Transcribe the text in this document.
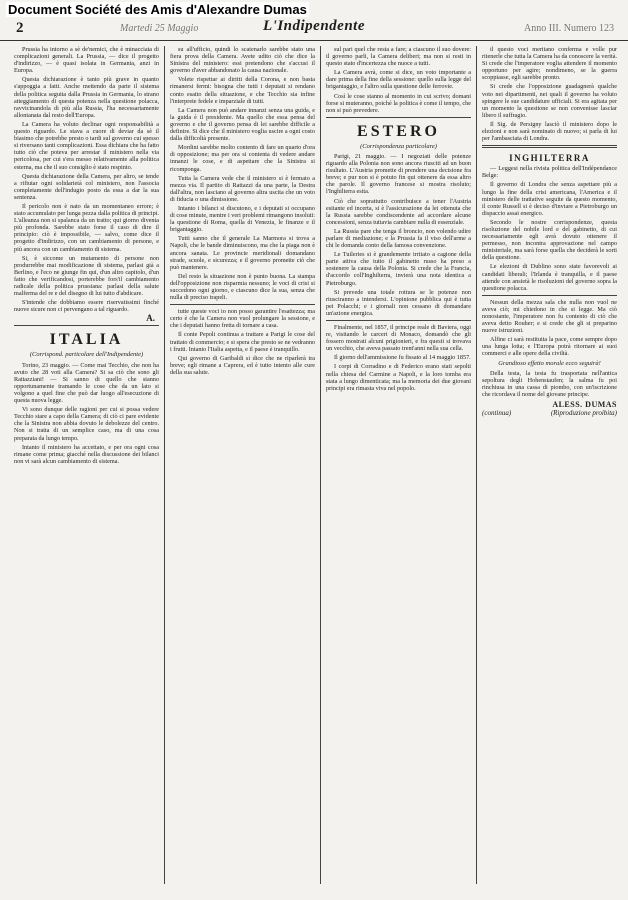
Document Société des Amis d'Alexandre Dumas
2	Martedi 25 Maggio	L'Indipendente	Anno III. Numero 123

Prussia ha intorno a sè de'nemici, che è minacciata di complicazioni generali. La Prussia, — dice il progetto d'indirizzo, — è quasi isolata in Germania, anzi in Europa.

Questa dichiarazione è tanto più grave in quanto s'appoggia a fatti. Anche mettendo da parte il sistema della politica seguita dalla Prussia in Germania, lo strano atteggiamento di questa potenza nella questione polacca, ravvicinandola di più alla Russia, l'ha necessariamente allontanata dal resto dell'Europa.

La Camera ha voluto declinar ogni responsabilità a questo riguardo. Le stava a cuore di deviar da sè il biasimo che potrebbe presto o tardi sul governo cui spesso si riversano tanti complicazioni. Essa dichiara che ha fatto tutto ciò che poteva per arrestar il ministero nella via pericolosa, per cui s'era messo relativamente alla politica esterna, ma che il suo consiglio è stato respinto.

Questa dichiarazione della Camera, per altro, se tende a rifiutar ogni solidarietà col ministero, non l'associa completamente dell'indugio posto da essa a dar la sua sentenza.

Il pericolo non è nato da un momentaneo errore; è stato accumulato per lunga pezza dalla politica di principi. L'alleanza non si spalanca da un tratto; qui giorno diventa più profonda. Sarebbe stato forse il caso di dire il principio: ciò è impossibile, — salvo, come dice il progetto d'indirizzo, con un cambiamento di persone, e più ancora con un cambiamento di sistema.

Si, è siccome un mutamento di persone non produrrebbe mai modificazione di sistema, parlasi già a Berlino, e l'eco ne giunge fin qui, d'un altro capitolo, d'un fatto che verificandosi, porterebbe fors'il cambiamento radicale della politica prussiana: parlasi della salute malferma del re e del disegno di lui tutto d'abdicare.

S'intende che dobbiamo essere riservatissimi finché nuove sicure non ci pervengano a tal riguardo.

A.
ITALIA
(Corrispond. particolare dell'Indipendente)

Torino, 23 maggio. — Come mai Tecchio, che non ha avuto che 28 voti alla Camera? Si sa ciò che sono gli Rattazziani! — Si sanno di quello che stanno opportunamente tramando le cose che da un lato si volgono a quel fine che può dar luogo all'esecuzione di questa nuova legge.

Vi sono dunque delle ragioni per cui si possa vedere Tecchio stare a capo della Camera; di ciò ci pare evidente che la Sinistra non abbia dovuto le debolezze del centro. Non si tratta di un semplice caso, ma di una cosa preparata da lungo tempo.

Intanto il ministero ha accettato, e per ora ogni cosa rimane come prima; giacché nella discussione dei bilanci non vi sarà alcun cambiamento di sistema.

su all'ufficio, quindi lo scatenarlo sarebbe stato una fiera prova della Camera. Avete udito ciò che dice la Sinistra del ministero: essi pretendono che s'accusi il governo d'aver abbandonato la causa nazionale.

Volete rispettar ai diritti della Corona, e non basta rimanersi fermi: bisogna che tutti i deputati si rendano conto esatto della situazione, e che Tecchio sia infine l'interprete fedele e imparziale di tutti.

La Camera non può andare innanzi senza una guida, e la guida è il presidente. Ma quello che essa pensa del governo e che il governo pensa di lei sarebbe difficile a definire. Si dice che il ministero voglia uscire a ogni costo dalla difficoltà presente.

Mordini sarebbe molto contento di fare un quarto d'ora di opposizione; ma per ora si contenta di vedere andare innanzi le cose, e di aspettare che la Sinistra si ricomponga.

Tutta la Camera vede che il ministero si è fermato a mezza via. Il partito di Rattazzi da una parte, la Destra dall'altra, non lasciano al governo altra uscita che un voto di fiducia o una dimissione.

Intanto i bilanci si discutono, e i deputati si occupano di cose minute, mentre i veri problemi rimangono insoluti: la questione di Roma, quella di Venezia, le finanze e il brigantaggio.

Tutti sanno che il generale La Marmora si trova a Napoli, che le bande diminuiscono, ma che la piaga non è ancora sanata. Le provincie meridionali domandano strade, scuole, e sicurezza; e il governo promette ciò che può mantenere.

Del resto la situazione non è punto buona. La stampa dell'opposizione non risparmia nessuno; le voci di crisi si succedono ogni giorno, e ciascuno dice la sua, senza che nulla di preciso trapeli.

tutte queste voci io non posso garantire l'esattezza; ma certo è che la Camera non vuol prolungare la sessione, e che i deputati hanno fretta di tornare a casa.

Il conte Pepoli continua a trattare a Parigi le cose del trattato di commercio; e si spera che presto se ne vedranno i frutti. Intanto l'Italia aspetta, e il paese è tranquillo.

Qui governo di Garibaldi si dice che ne riparlerà tra breve; egli rimane a Caprera, ed è tutto intento alle cure della sua salute.

sul pari quel che resta a fare; a ciascuno il suo dovere: il governo parli, la Camera deliberi; ma non si resti in questo stato d'incertezza che nuoce a tutti.

La Camera avrà, come si dice, un voto importante a dare prima della fine della sessione: quello sulla legge del brigantaggio, e l'altro sulla questione delle ferrovie.

Così le cose stanno al momento in cui scrivo; domani forse si muteranno, poiché la politica è come il tempo, che non si può prevedere.

ESTERO
(Corrispondenza particolare)

Parigi, 21 maggio. — I negoziati delle potenze riguardo alla Polonia non sono ancora riusciti ad un buon risultato. L'Austria promette di prendere una decisione fra breve; e pur non si è potuto fin qui ottenere da essa altro che parole. Il governo francese si mostra risoluto; l'Inghilterra esita.

Ciò che soprattutto contribuisce a tener l'Austria esitante ed incerta, si è l'assicurazione da lei ottenuta che la Russia sarebbe condiscendente ad accordare alcune concessioni, senza tuttavia cambiare nulla di essenziale.

La Russia pare che tenga il broncio, non volendo udire parlare di mediazione; e la Prussia fa il viso dell'arme a chi le domanda conto della famosa convenzione.

Le Tuileries si è grandemente irritato a cagione della parte attiva che tutto il gabinetto russo ha preso a sostenere la causa della Polonia. Si crede che la Francia, d'accordo coll'Inghilterra, invierà una nota identica a Pietroburgo.

Si prevede una totale rottura se le potenze non riusciranno a intendersi. L'opinione pubblica qui è tutta pei Polacchi; e i giornali non cessano di domandare un'azione energica.

Finalmente, nel 1857, il principe reale di Baviera, oggi re, visitando le carceri di Monaco, domandò che gli fossero mostrati alcuni prigionieri, e fra questi si trovava un vecchio, che aveva passato trent'anni nella sua cella.

Il giorno dell'ammissione fu fissato al 14 maggio 1857.

I corpi di Corradino e di Federico erano stati sepolti nella chiesa del Carmine a Napoli, e la loro tomba era stata a lungo dimenticata; ma la memoria dei due giovani principi era rimasta viva nel popolo.

il questo voci meritano conferma e volle pur ritenerle che tutta la Camera ha da conoscere la verità. Si crede che l'imperatore voglia attendere il momento opportuno per agire; nondimeno, se la guerra scoppiasse, egli sarebbe pronto.

Si crede che l'opposizione guadagnerà qualche voto nei dipartimenti, nei quali il governo ha voluto spingere le sue candidature ufficiali. Si era agitata per un momento la questione se non convenisse lasciar libero il suffragio.

Il Sig. de Persigny lasciò il ministero dopo le elezioni e non sarà nominato di nuovo; si parla di lui per l'ambasciata di Londra.

INGHILTERRA

— Leggesi nella rivista politica dell'Indépendance Belge:

Il governo di Londra che senza aspettare più a lungo la fine della crisi americana, l'America e il ministero delle trattative seguite da questo momento, il conte Russell si è deciso d'inviare a Pietroburgo un dispaccio assai energico.

Secondo le nostre corrispondenze, questa risoluzione del nobile lord e del gabinetto, di cui necessariamente egli avrà dovuto ottenere il permesso, non incontra approvazione nel campo ministeriale, ma sarà forse quella che deciderà le sorti della questione.

Le elezioni di Dublino sono state favorevoli ai candidati liberali; l'Irlanda è tranquilla, e il paese attende con ansietà le risoluzioni del governo sopra la questione polacca.

Nessun della mezza sala che nulla non vuol ne aveva ciò; mi chiedono in che si legge. Ma ciò nonostante, l'imperatore non fu contento di ciò che aveva detto Rouher; e si crede che gli si preparino nuove istruzioni.

Alfine ci sarà restituita la pace, come sempre dopo una lunga lotta; e l'Europa potrà ritornare ai suoi commerci e alle opere della civiltà.

Grandioso effetto morale ecco seguirà!

Della testa, la testa fu trasportata nell'antica sepoltura degli Hohenstaufen; la salma fu poi rinchiusa in una cassa di piombo, con un'iscrizione che ricordava il nome del giovane principe.

ALESS. DUMAS
(continua)	(Riproduzione proibita)
